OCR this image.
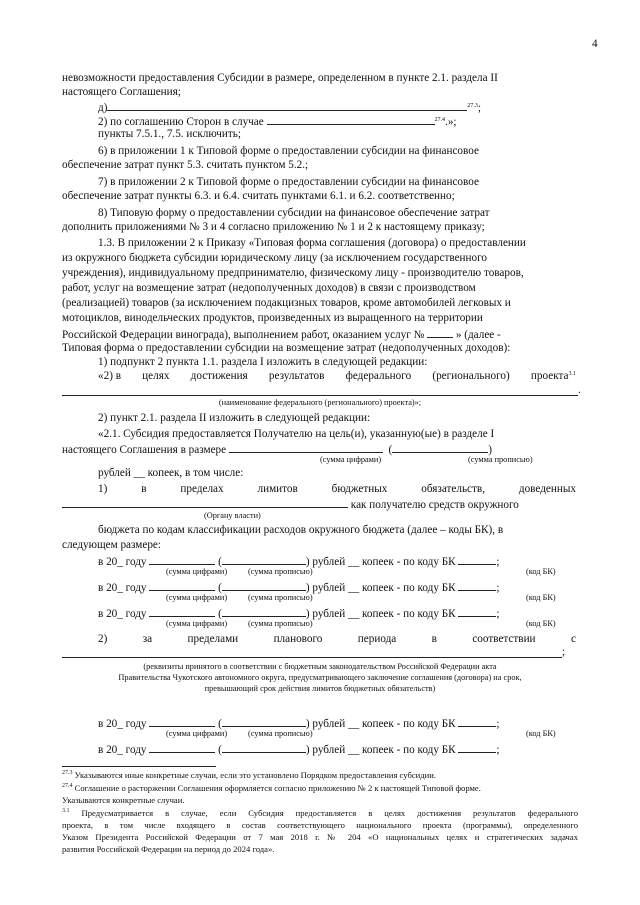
4
невозможности предоставления Субсидии в размере, определенном в пункте 2.1. раздела II
настоящего Соглашения;
д)	$^{27.3}$;
2) по соглашению Сторон в случае	$^{27.4}$.»;
пункты 7.5.1., 7.5. исключить;
6) в приложении 1 к Типовой форме о предоставлении субсидии на финансовое
обеспечение затрат пункт 5.3. считать пунктом 5.2.;
7) в приложении 2 к Типовой форме о предоставлении субсидии на финансовое
обеспечение затрат пункты 6.3. и 6.4. считать пунктами 6.1. и 6.2. соответственно;
8) Типовую форму о предоставлении субсидии на финансовое обеспечение затрат
дополнить приложениями № 3 и 4 согласно приложению № 1 и 2 к настоящему приказу;
1.3. В приложении 2 к Приказу «Типовая форма соглашения (договора) о предоставлении
из окружного бюджета субсидии юридическому лицу (за исключением государственного
учреждения), индивидуальному предпринимателю, физическому лицу - производителю товаров,
работ, услуг на возмещение затрат (недополученных доходов) в связи с производством
(реализацией) товаров (за исключением подакцизных товаров, кроме автомобилей легковых и
мотоциклов, винодельческих продуктов, произведенных из выращенного на территории
Российской Федерации винограда), выполнением работ, оказанием услуг №	» (далее -
Типовая форма о предоставлении субсидии на возмещение затрат (недополученных доходов):
1) подпункт 2 пункта 1.1. раздела I изложить в следующей редакции:
«2) в целях достижения результатов федерального (регионального) проекта$^{3.1}$
.
(наименование федерального (регионального) проекта)»;
2) пункт 2.1. раздела II изложить в следующей редакции:
«2.1. Субсидия предоставляется Получателю на цель(и), указанную(ые) в разделе I
настоящего Соглашения в размере	(	)
(сумма цифрами)	(сумма прописью)
рублей __ копеек, в том числе:
1)	в	пределах	лимитов	бюджетных	обязательств,	доведенных
как получателю средств окружного
(Органу власти)
бюджета по кодам классификации расходов окружного бюджета (далее – коды БК), в
следующем размере:
в 20_ году	(	) рублей __ копеек - по коду БК	;
(сумма цифрами)	(сумма прописью)	(код БК)
в 20_ году	(	) рублей __ копеек - по коду БК	;
(сумма цифрами)	(сумма прописью)	(код БК)
в 20_ году	(	) рублей __ копеек - по коду БК	;
(сумма цифрами)	(сумма прописью)	(код БК)
2)	за	пределами	планового	периода	в	соответствии	с
;
(реквизиты принятого в соответствии с бюджетным законодательством Российской Федерации акта
Правительства Чукотского автономного округа, предусматривающего заключение соглашения (договора) на срок,
превышающий срок действия лимитов бюджетных обязательств)
в 20_ году	(	) рублей __ копеек - по коду БК	;
(сумма цифрами)	(сумма прописью)	(код БК)
в 20_ году	(	) рублей __ копеек - по коду БК	;
$^{27.3}$ Указываются иные конкретные случаи, если это установлено Порядком предоставления субсидии.
$^{27.4}$ Соглашение о расторжении Соглашения оформляется согласно приложению № 2 к настоящей Типовой форме.
Указываются конкретные случаи.
$^{3.1}$ Предусматривается в случае, если Субсидия предоставляется в целях достижения результатов федерального
проекта, в том числе входящего в состав соответствующего национального проекта (программы), определенного
Указом Президента Российской Федерации от 7 мая 2018 г. № 204 «О национальных целях и стратегических задачах
развития Российской Федерации на период до 2024 года».
